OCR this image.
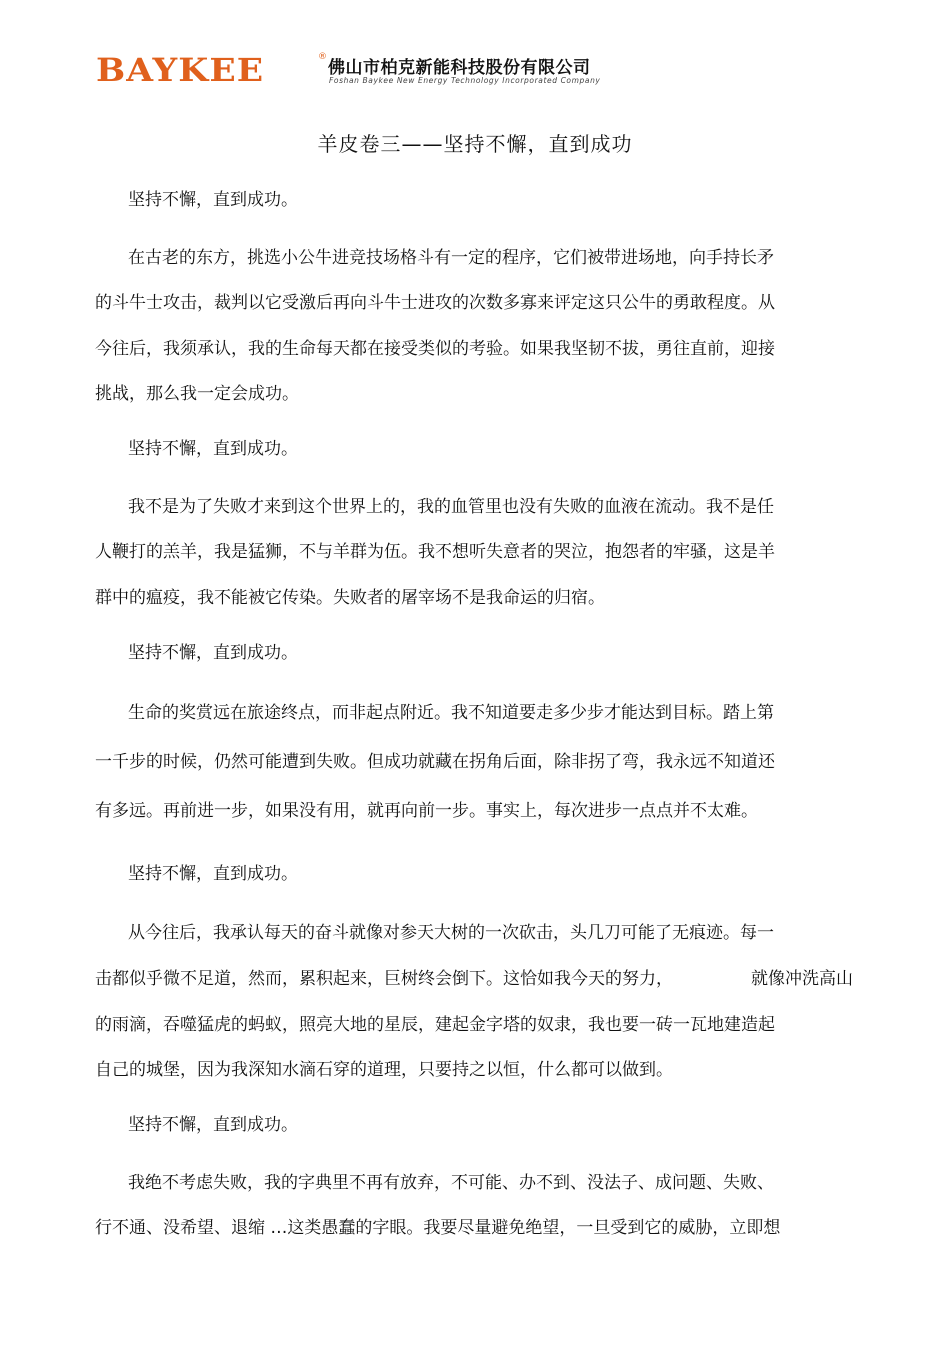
BAYKEE	®
佛山市柏克新能科技股份有限公司
Foshan Baykee New Energy Technology Incorporated Company
羊皮卷三——坚持不懈，直到成功
坚持不懈，直到成功。
在古老的东方，挑选小公牛进竞技场格斗有一定的程序，它们被带进场地，向手持长矛
的斗牛士攻击，裁判以它受激后再向斗牛士进攻的次数多寡来评定这只公牛的勇敢程度。从
今往后，我须承认，我的生命每天都在接受类似的考验。如果我坚韧不拔，勇往直前，迎接
挑战，那么我一定会成功。
坚持不懈，直到成功。
我不是为了失败才来到这个世界上的，我的血管里也没有失败的血液在流动。我不是任
人鞭打的羔羊，我是猛狮，不与羊群为伍。我不想听失意者的哭泣，抱怨者的牢骚，这是羊
群中的瘟疫，我不能被它传染。失败者的屠宰场不是我命运的归宿。
坚持不懈，直到成功。
生命的奖赏远在旅途终点，而非起点附近。我不知道要走多少步才能达到目标。踏上第
一千步的时候，仍然可能遭到失败。但成功就藏在拐角后面，除非拐了弯，我永远不知道还
有多远。再前进一步，如果没有用，就再向前一步。事实上，每次进步一点点并不太难。
坚持不懈，直到成功。
从今往后，我承认每天的奋斗就像对参天大树的一次砍击，头几刀可能了无痕迹。每一
击都似乎微不足道，然而，累积起来，巨树终会倒下。这恰如我今天的努力，	就像冲洗高山
的雨滴，吞噬猛虎的蚂蚁，照亮大地的星辰，建起金字塔的奴隶，我也要一砖一瓦地建造起
自己的城堡，因为我深知水滴石穿的道理，只要持之以恒，什么都可以做到。
坚持不懈，直到成功。
我绝不考虑失败，我的字典里不再有放弃，不可能、办不到、没法子、成问题、失败、
行不通、没希望、退缩 …这类愚蠢的字眼。我要尽量避免绝望，一旦受到它的威胁，立即想
